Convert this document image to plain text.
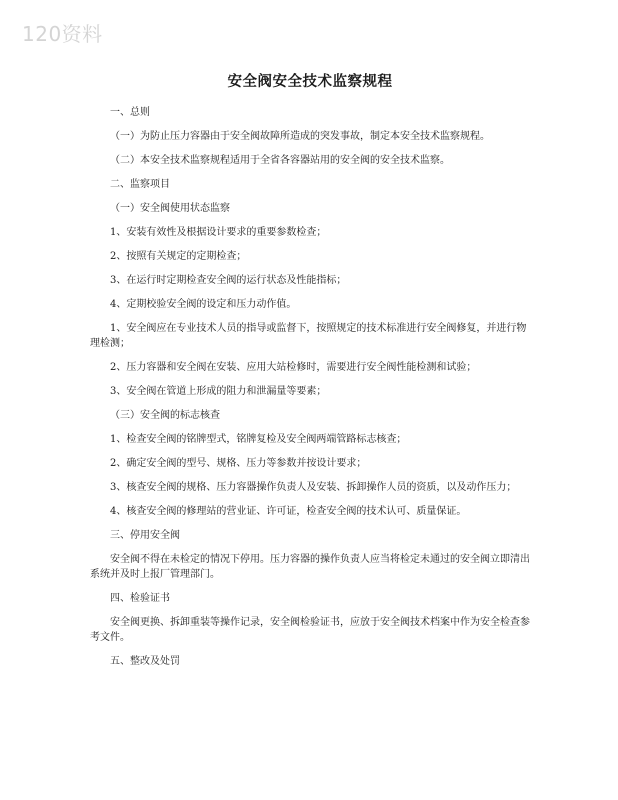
120资料
安全阀安全技术监察规程

一、总则

（一）为防止压力容器由于安全阀故障所造成的突发事故，制定本安全技术监察规程。

（二）本安全技术监察规程适用于全省各容器站用的安全阀的安全技术监察。

二、监察项目

（一）安全阀使用状态监察

1、安装有效性及根据设计要求的重要参数检查；

2、按照有关规定的定期检查；

3、在运行时定期检查安全阀的运行状态及性能指标；

4、定期校验安全阀的设定和压力动作值。

1、安全阀应在专业技术人员的指导或监督下，按照规定的技术标准进行安全阀修复，并进行物理检测；

2、压力容器和安全阀在安装、应用大站检修时，需要进行安全阀性能检测和试验；

3、安全阀在管道上形成的阻力和泄漏量等要素；

（三）安全阀的标志核查

1、检查安全阀的铭牌型式，铭牌复检及安全阀两端管路标志核查；

2、确定安全阀的型号、规格、压力等参数并按设计要求；

3、核查安全阀的规格、压力容器操作负责人及安装、拆卸操作人员的资质，以及动作压力；

4、核查安全阀的修理站的营业证、许可证，检查安全阀的技术认可、质量保证。

三、停用安全阀

安全阀不得在未检定的情况下停用。压力容器的操作负责人应当将检定未通过的安全阀立即清出系统并及时上报厂管理部门。

四、检验证书

安全阀更换、拆卸重装等操作记录，安全阀检验证书，应放于安全阀技术档案中作为安全检查参考文件。

五、整改及处罚
